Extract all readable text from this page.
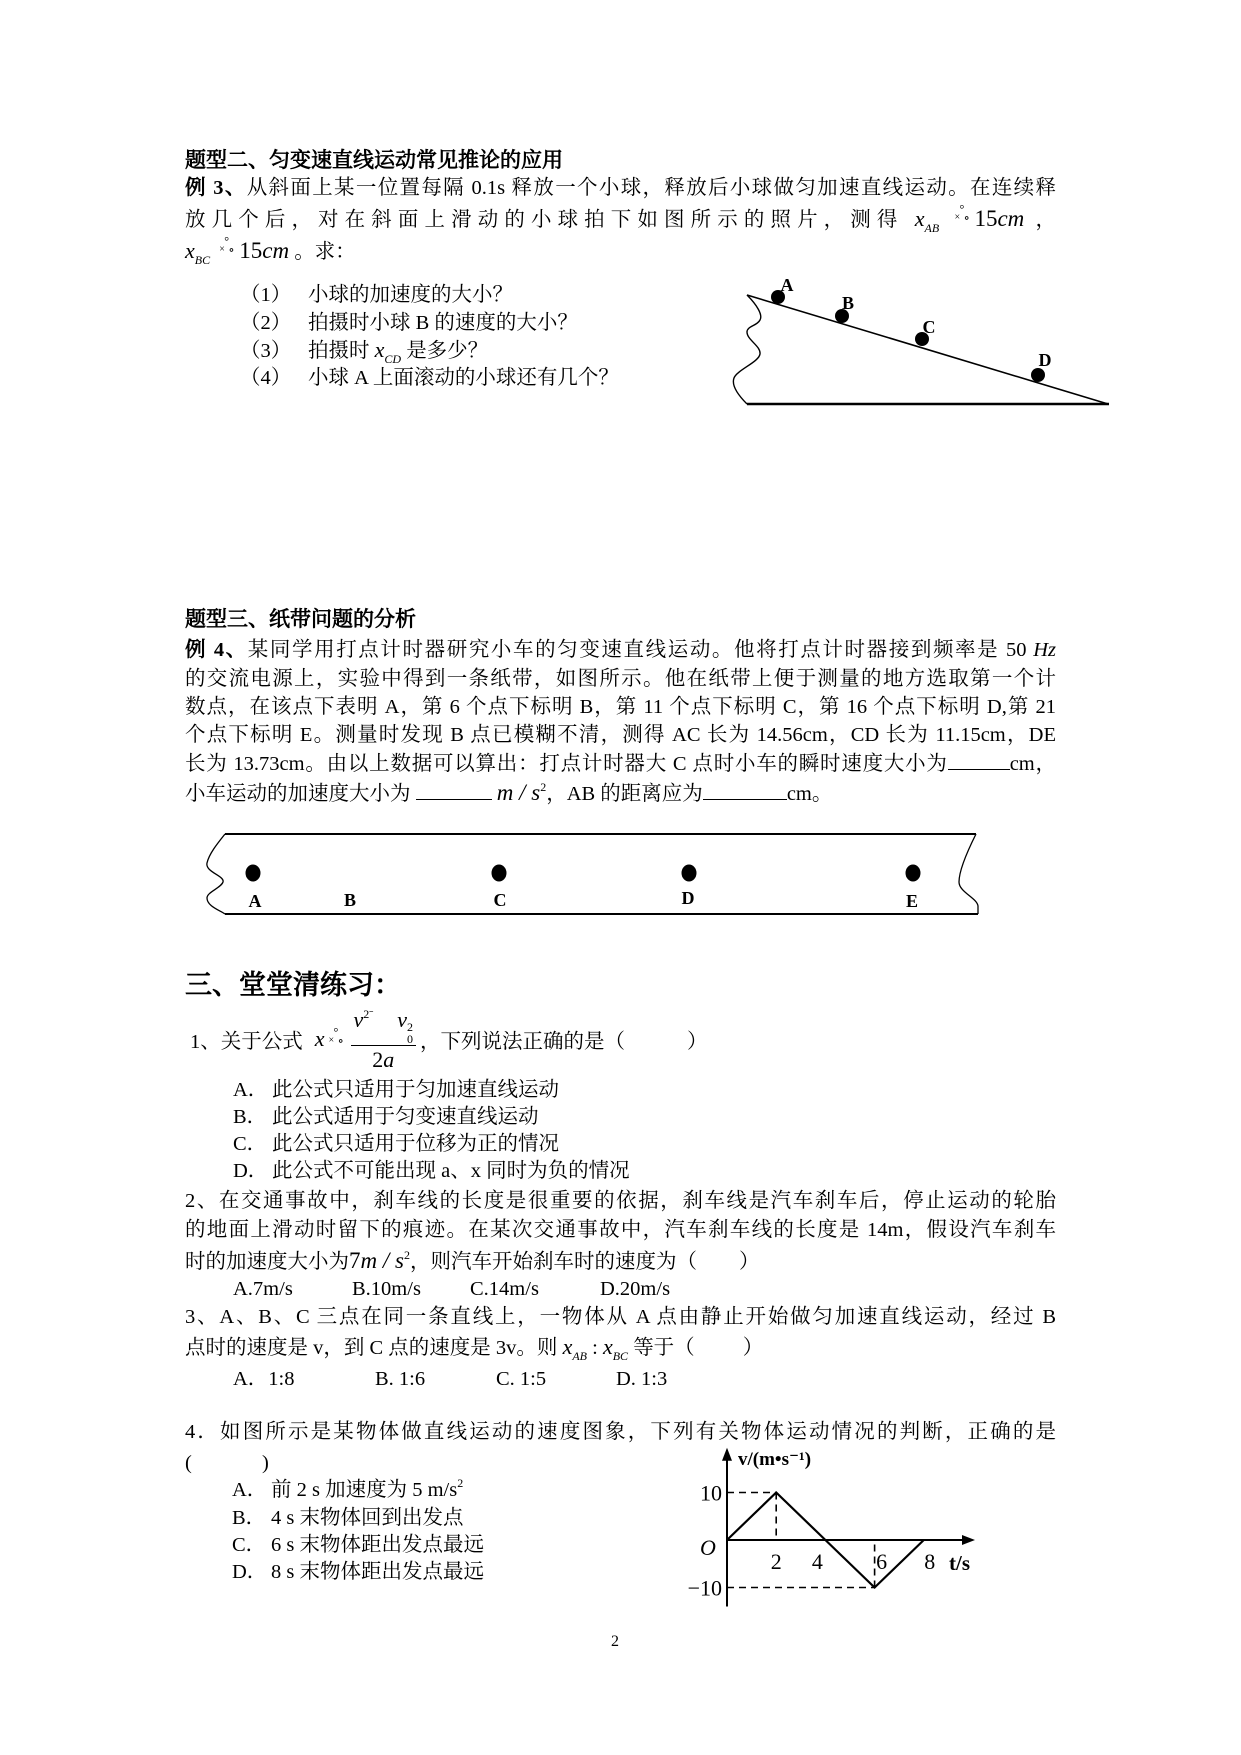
题型二、匀变速直线运动常见推论的应用
例 3、从斜面上某一位置每隔 0.1s 释放一个小球，释放后小球做匀加速直线运动。在连续释
放几个后，对在斜面上滑动的小球拍下如图所示的照片，测得 $x_{AB}$
×
°
∘ 15cm ，
$x_{BC}$
×
°
∘ 15cm 。求：
（1） 小球的加速度的大小？
（2） 拍摄时小球 B 的速度的大小？
（3） 拍摄时 $x_{CD}$ 是多少？
（4） 小球 A 上面滚动的小球还有几个？
A
B
C
D
题型三、纸带问题的分析
例 4、某同学用打点计时器研究小车的匀变速直线运动。他将打点计时器接到频率是 50 Hz
的交流电源上，实验中得到一条纸带，如图所示。他在纸带上便于测量的地方选取第一个计
数点，在该点下表明 A，第 6 个点下标明 B，第 11 个点下标明 C，第 16 个点下标明 D,第 21
个点下标明 E。测量时发现 B 点已模糊不清，测得 AC 长为 14.56cm，CD 长为 11.15cm，DE
长为 13.73cm。由以上数据可以算出：打点计时器大 C 点时小车的瞬时速度大小为	cm，
小车运动的加速度大小为	m / $s^2$，AB 的距离应为	cm。
A	B	C	D	E
三、堂堂清练习：
1、关于公式 x ×
°
∘ $v^{2ˉ}$ v 2
0
2a ，下列说法正确的是（	）
A． 此公式只适用于匀加速直线运动
B． 此公式适用于匀变速直线运动
C． 此公式只适用于位移为正的情况
D． 此公式不可能出现 a、x 同时为负的情况
2、在交通事故中，刹车线的长度是很重要的依据，刹车线是汽车刹车后，停止运动的轮胎
的地面上滑动时留下的痕迹。在某次交通事故中，汽车刹车线的长度是 14m，假设汽车刹车
时的加速度大小为$7m / s^2$，则汽车开始刹车时的速度为（ ）
A.7m/s	B.10m/s C.14m/s	D.20m/s
3、A、B、C 三点在同一条直线上，一物体从 A 点由静止开始做匀加速直线运动，经过 B
点时的速度是 v，到 C 点的速度是 3v。则 $x_{AB}$ : $x_{BC}$ 等于（ ）
A．1:8	B. 1:6	C. 1:5	D. 1:3
4．如图所示是某物体做直线运动的速度图象，下列有关物体运动情况的判断，正确的是
(	)
A． 前 2 s 加速度为 5 $m/s^2$
B． 4 s 末物体回到出发点
C． 6 s 末物体距出发点最远
D． 8 s 末物体距出发点最远
10
−10
O
2 4 6 8 t/s
v/(m•s⁻¹)
2
